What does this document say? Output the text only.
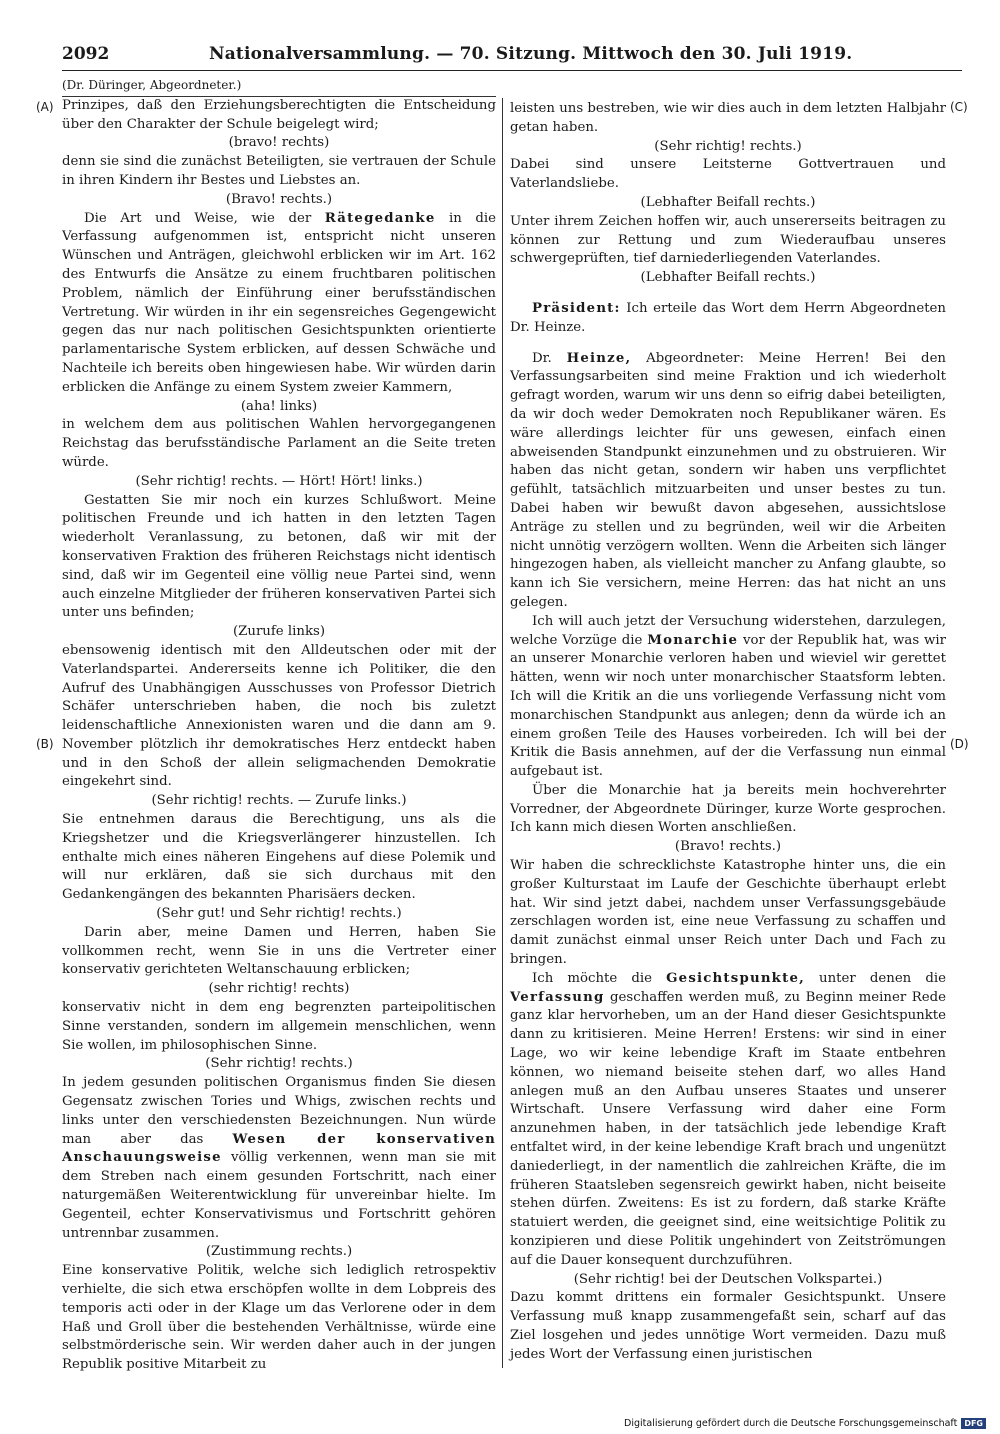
2092	Nationalversammlung. — 70. Sitzung. Mittwoch den 30. Juli 1919.
(A)
(B)
(C)
(D)

(Dr. Düringer, Abgeordneter.)

Prinzipes, daß den Erziehungsberechtigten die Entscheidung über den Charakter der Schule beigelegt wird;

(bravo! rechts)

denn sie sind die zunächst Beteiligten, sie vertrauen der Schule in ihren Kindern ihr Bestes und Liebstes an.

(Bravo! rechts.)

Die Art und Weise, wie der Rätegedanke in die Verfassung aufgenommen ist, entspricht nicht unseren Wünschen und Anträgen, gleichwohl erblicken wir im Art. 162 des Entwurfs die Ansätze zu einem fruchtbaren politischen Problem, nämlich der Einführung einer berufsständischen Vertretung. Wir würden in ihr ein segensreiches Gegengewicht gegen das nur nach politischen Gesichtspunkten orientierte parlamentarische System erblicken, auf dessen Schwäche und Nachteile ich bereits oben hingewiesen habe. Wir würden darin erblicken die Anfänge zu einem System zweier Kammern,

(aha! links)

in welchem dem aus politischen Wahlen hervorgegangenen Reichstag das berufsständische Parlament an die Seite treten würde.

(Sehr richtig! rechts. — Hört! Hört! links.)

Gestatten Sie mir noch ein kurzes Schlußwort. Meine politischen Freunde und ich hatten in den letzten Tagen wiederholt Veranlassung, zu betonen, daß wir mit der konservativen Fraktion des früheren Reichstags nicht identisch sind, daß wir im Gegenteil eine völlig neue Partei sind, wenn auch einzelne Mitglieder der früheren konservativen Partei sich unter uns befinden;

(Zurufe links)

ebensowenig identisch mit den Alldeutschen oder mit der Vaterlandspartei. Andererseits kenne ich Politiker, die den Aufruf des Unabhängigen Ausschusses von Professor Dietrich Schäfer unterschrieben haben, die noch bis zuletzt leidenschaftliche Annexionisten waren und die dann am 9. November plötzlich ihr demokratisches Herz entdeckt haben und in den Schoß der allein seligmachenden Demokratie eingekehrt sind.

(Sehr richtig! rechts. — Zurufe links.)

Sie entnehmen daraus die Berechtigung, uns als die Kriegshetzer und die Kriegsverlängerer hinzustellen. Ich enthalte mich eines näheren Eingehens auf diese Polemik und will nur erklären, daß sie sich durchaus mit den Gedankengängen des bekannten Pharisäers decken.

(Sehr gut! und Sehr richtig! rechts.)

Darin aber, meine Damen und Herren, haben Sie vollkommen recht, wenn Sie in uns die Vertreter einer konservativ gerichteten Weltanschauung erblicken;

(sehr richtig! rechts)

konservativ nicht in dem eng begrenzten parteipolitischen Sinne verstanden, sondern im allgemein menschlichen, wenn Sie wollen, im philosophischen Sinne.

(Sehr richtig! rechts.)

In jedem gesunden politischen Organismus finden Sie diesen Gegensatz zwischen Tories und Whigs, zwischen rechts und links unter den verschiedensten Bezeichnungen. Nun würde man aber das Wesen der konservativen Anschauungsweise völlig verkennen, wenn man sie mit dem Streben nach einem gesunden Fortschritt, nach einer naturgemäßen Weiterentwicklung für unvereinbar hielte. Im Gegenteil, echter Konservativismus und Fortschritt gehören untrennbar zusammen.

(Zustimmung rechts.)

Eine konservative Politik, welche sich lediglich retrospektiv verhielte, die sich etwa erschöpfen wollte in dem Lobpreis des temporis acti oder in der Klage um das Verlorene oder in dem Haß und Groll über die bestehenden Verhältnisse, würde eine selbstmörderische sein. Wir werden daher auch in der jungen Republik positive Mitarbeit zu

leisten uns bestreben, wie wir dies auch in dem letzten Halbjahr getan haben.

(Sehr richtig! rechts.)

Dabei sind unsere Leitsterne Gottvertrauen und Vaterlandsliebe.

(Lebhafter Beifall rechts.)

Unter ihrem Zeichen hoffen wir, auch unsererseits beitragen zu können zur Rettung und zum Wiederaufbau unseres schwergeprüften, tief darniederliegenden Vaterlandes.

(Lebhafter Beifall rechts.)

Präsident: Ich erteile das Wort dem Herrn Abgeordneten Dr. Heinze.

Dr. Heinze, Abgeordneter: Meine Herren! Bei den Verfassungsarbeiten sind meine Fraktion und ich wiederholt gefragt worden, warum wir uns denn so eifrig dabei beteiligten, da wir doch weder Demokraten noch Republikaner wären. Es wäre allerdings leichter für uns gewesen, einfach einen abweisenden Standpunkt einzunehmen und zu obstruieren. Wir haben das nicht getan, sondern wir haben uns verpflichtet gefühlt, tatsächlich mitzuarbeiten und unser bestes zu tun. Dabei haben wir bewußt davon abgesehen, aussichtslose Anträge zu stellen und zu begründen, weil wir die Arbeiten nicht unnötig verzögern wollten. Wenn die Arbeiten sich länger hingezogen haben, als vielleicht mancher zu Anfang glaubte, so kann ich Sie versichern, meine Herren: das hat nicht an uns gelegen.

Ich will auch jetzt der Versuchung widerstehen, darzulegen, welche Vorzüge die Monarchie vor der Republik hat, was wir an unserer Monarchie verloren haben und wieviel wir gerettet hätten, wenn wir noch unter monarchischer Staatsform lebten. Ich will die Kritik an die uns vorliegende Verfassung nicht vom monarchischen Standpunkt aus anlegen; denn da würde ich an einem großen Teile des Hauses vorbeireden. Ich will bei der Kritik die Basis annehmen, auf der die Verfassung nun einmal aufgebaut ist.

Über die Monarchie hat ja bereits mein hochverehrter Vorredner, der Abgeordnete Düringer, kurze Worte gesprochen. Ich kann mich diesen Worten anschließen.

(Bravo! rechts.)

Wir haben die schrecklichste Katastrophe hinter uns, die ein großer Kulturstaat im Laufe der Geschichte überhaupt erlebt hat. Wir sind jetzt dabei, nachdem unser Verfassungsgebäude zerschlagen worden ist, eine neue Verfassung zu schaffen und damit zunächst einmal unser Reich unter Dach und Fach zu bringen.

Ich möchte die Gesichtspunkte, unter denen die Verfassung geschaffen werden muß, zu Beginn meiner Rede ganz klar hervorheben, um an der Hand dieser Gesichtspunkte dann zu kritisieren. Meine Herren! Erstens: wir sind in einer Lage, wo wir keine lebendige Kraft im Staate entbehren können, wo niemand beiseite stehen darf, wo alles Hand anlegen muß an den Aufbau unseres Staates und unserer Wirtschaft. Unsere Verfassung wird daher eine Form anzunehmen haben, in der tatsächlich jede lebendige Kraft entfaltet wird, in der keine lebendige Kraft brach und ungenützt daniederliegt, in der namentlich die zahlreichen Kräfte, die im früheren Staatsleben segensreich gewirkt haben, nicht beiseite stehen dürfen. Zweitens: Es ist zu fordern, daß starke Kräfte statuiert werden, die geeignet sind, eine weitsichtige Politik zu konzipieren und diese Politik ungehindert von Zeitströmungen auf die Dauer konsequent durchzuführen.

(Sehr richtig! bei der Deutschen Volkspartei.)

Dazu kommt drittens ein formaler Gesichtspunkt. Unsere Verfassung muß knapp zusammengefaßt sein, scharf auf das Ziel losgehen und jedes unnötige Wort vermeiden. Dazu muß jedes Wort der Verfassung einen juristischen

Digitalisierung gefördert durch die Deutsche Forschungsgemeinschaft DFG
